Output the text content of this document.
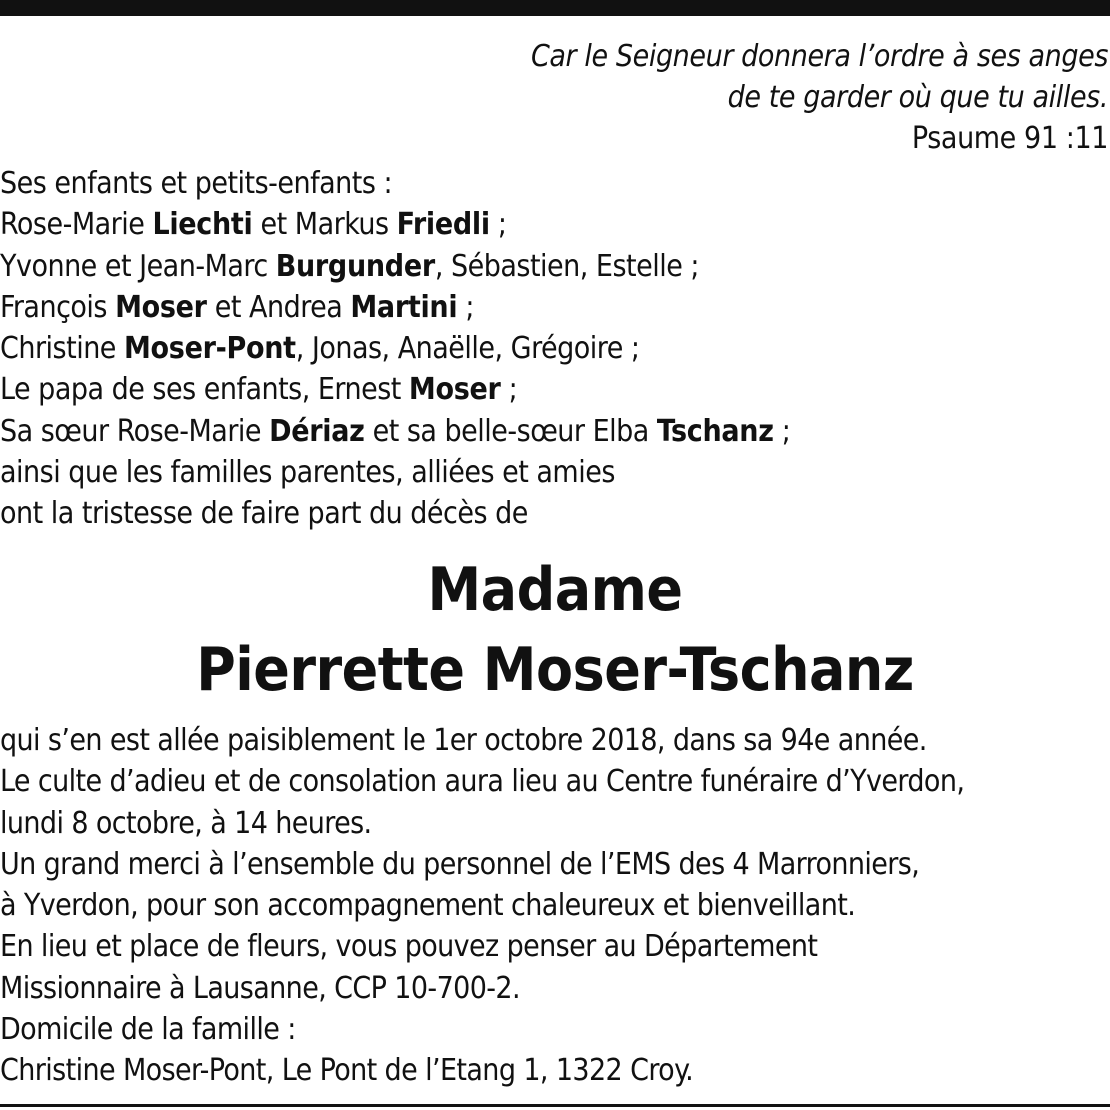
Car le Seigneur donnera l’ordre à ses anges
de te garder où que tu ailles.
Psaume 91 :11
Ses enfants et petits-enfants :
Rose-Marie Liechti et Markus Friedli ;
Yvonne et Jean-Marc Burgunder, Sébastien, Estelle ;
François Moser et Andrea Martini ;
Christine Moser-Pont, Jonas, Anaëlle, Grégoire ;
Le papa de ses enfants, Ernest Moser ;
Sa sœur Rose-Marie Dériaz et sa belle-sœur Elba Tschanz ;
ainsi que les familles parentes, alliées et amies
ont la tristesse de faire part du décès de
Madame
Pierrette Moser-Tschanz
qui s’en est allée paisiblement le 1er octobre 2018, dans sa 94e année.
Le culte d’adieu et de consolation aura lieu au Centre funéraire d’Yverdon,
lundi 8 octobre, à 14 heures.
Un grand merci à l’ensemble du personnel de l’EMS des 4 Marronniers,
à Yverdon, pour son accompagnement chaleureux et bienveillant.
En lieu et place de fleurs, vous pouvez penser au Département
Missionnaire à Lausanne, CCP 10-700-2.
Domicile de la famille :
Christine Moser-Pont, Le Pont de l’Etang 1, 1322 Croy.
